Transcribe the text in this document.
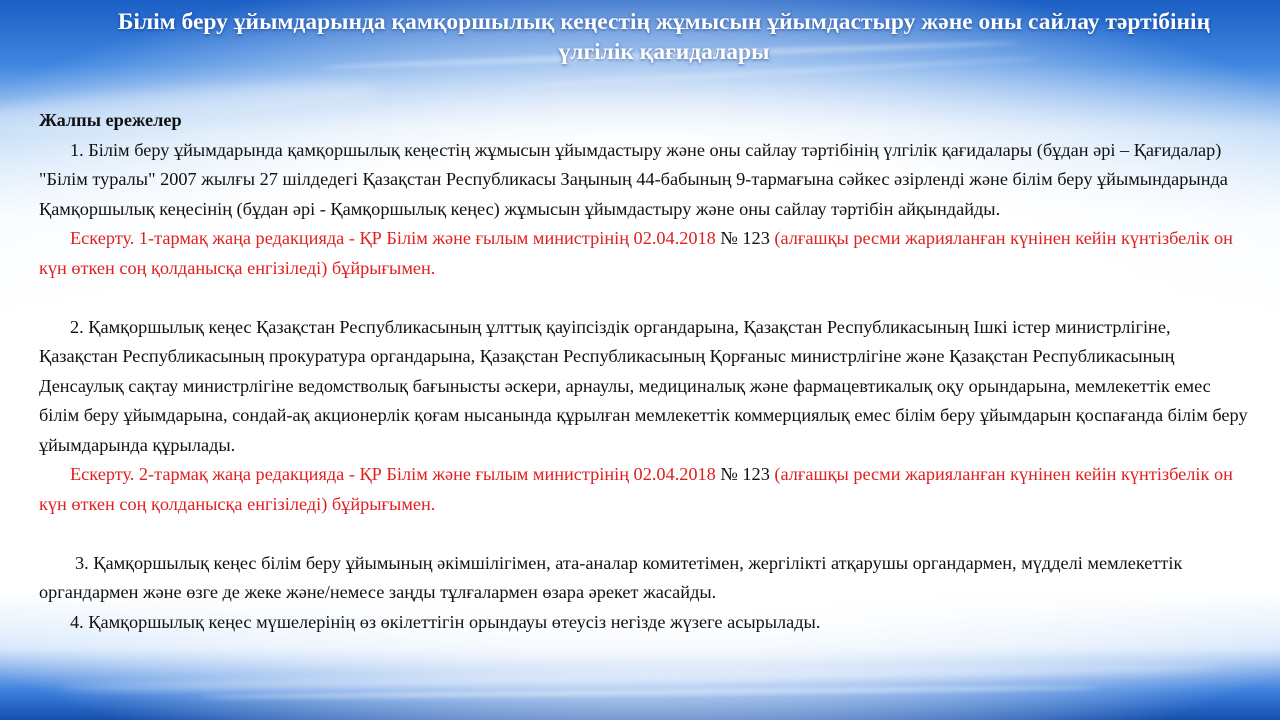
Білім беру ұйымдарында қамқоршылық кеңестің жұмысын ұйымдастыру және оны сайлау тәртібінің үлгілік қағидалары

Жалпы ережелер

1. Білім беру ұйымдарында қамқоршылық кеңестің жұмысын ұйымдастыру және оны сайлау тәртібінің үлгілік қағидалары (бұдан әрі – Қағидалар) "Білім туралы" 2007 жылғы 27 шілдедегі Қазақстан Республикасы Заңының 44-бабының 9-тармағына сәйкес әзірленді және білім беру ұйымындарында Қамқоршылық кеңесінің (бұдан әрі - Қамқоршылық кеңес) жұмысын ұйымдастыру және оны сайлау тәртібін айқындайды.

Ескерту. 1-тармақ жаңа редакцияда - ҚР Білім және ғылым министрінің 02.04.2018 № 123 (алғашқы ресми жарияланған күнінен кейін күнтізбелік он күн өткен соң қолданысқа енгізіледі) бұйрығымен.

2. Қамқоршылық кеңес Қазақстан Республикасының ұлттық қауіпсіздік органдарына, Қазақстан Республикасының Ішкі істер министрлігіне, Қазақстан Республикасының прокуратура органдарына, Қазақстан Республикасының Қорғаныс министрлігіне және Қазақстан Республикасының Денсаулық сақтау министрлігіне ведомстволық бағынысты әскери, арнаулы, медициналық және фармацевтикалық оқу орындарына, мемлекеттік емес білім беру ұйымдарына, сондай-ақ акционерлік қоғам нысанында құрылған мемлекеттік коммерциялық емес білім беру ұйымдарын қоспағанда білім беру ұйымдарында құрылады.

Ескерту. 2-тармақ жаңа редакцияда - ҚР Білім және ғылым министрінің 02.04.2018 № 123 (алғашқы ресми жарияланған күнінен кейін күнтізбелік он күн өткен соң қолданысқа енгізіледі) бұйрығымен.

3. Қамқоршылық кеңес білім беру ұйымының әкімшілігімен, ата-аналар комитетімен, жергілікті атқарушы органдармен, мүдделі мемлекеттік органдармен және өзге де жеке және/немесе заңды тұлғалармен өзара әрекет жасайды.

4. Қамқоршылық кеңес мүшелерінің өз өкілеттігін орындауы өтеусіз негізде жүзеге асырылады.
